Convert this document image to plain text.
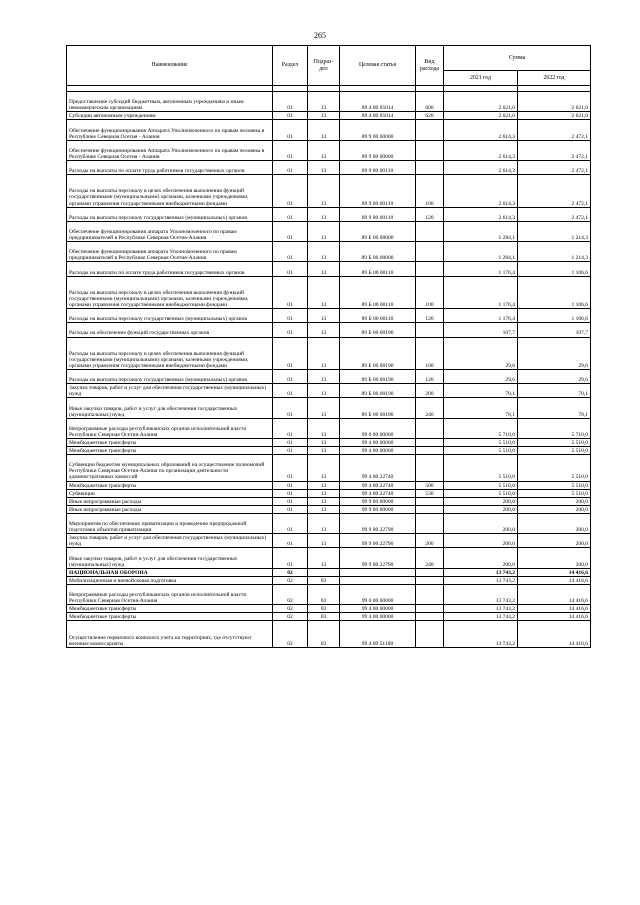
265
Наименование	Раздел	Подраз-дел	Целевая статья	Вид расхода	Сумма	
					2021 год	2022 год

Предоставление субсидий бюджетным, автономным учреждениям и иным некоммерческим организациям	01	13	89 4 00 05014	600	2 621,0	2 621,0
Субсидии автономным учреждениям	01	13	89 4 00 05014	620	2 621,0	2 621,0
Обеспечение функционирования Аппарата Уполномоченного по правам человека в Республике Северная Осетия - Алания	01	13	89 9 00 00000		2 614,3	2 472,1
Обеспечение функционирования Аппарата Уполномоченного по правам человека в Республике Северная Осетия - Алания	01	13	89 9 00 00000		2 614,3	2 472,1
Расходы на выплаты по оплате труда работников государственных органов	01	13	89 9 00 00110		2 614,3	2 472,1
Расходы на выплаты персоналу в целях обеспечения выполнения функций государственными (муниципальными) органами, казенными учреждениями, органами управления государственными внебюджетными фондами	01	13	89 9 00 00110	100	2 614,3	2 472,1
Расходы на выплаты персоналу государственных (муниципальных) органов	01	13	89 9 00 00110	120	2 614,3	2 472,1
Обеспечение функционирования аппарата Уполномоченного по правам предпринимателей в Республике Северная Осетия-Алания	01	13	89 Б 00 00000		1 284,1	1 214,3
Обеспечение функционирования аппарата Уполномоченного по правам предпринимателей в Республике Северная Осетия-Алания	01	13	89 Б 00 00000		1 284,1	1 214,3
Расходы на выплаты по оплате труда работников государственных органов	01	13	89 Б 00 00110		1 176,4	1 106,6
Расходы на выплаты персоналу в целях обеспечения выполнения функций государственными (муниципальными) органами, казенными учреждениями, органами управления государственными внебюджетными фондами	01	13	89 Б 00 00110	100	1 176,4	1 106,6
Расходы на выплаты персоналу государственных (муниципальных) органов	01	13	89 Б 00 00110	120	1 176,4	1 106,6
Расходы на обеспечение функций государственных органов	01	13	89 Б 00 00190		107,7	107,7
Расходы на выплаты персоналу в целях обеспечения выполнения функций государственными (муниципальными) органами, казенными учреждениями, органами управления государственными внебюджетными фондами	01	13	89 Б 00 00190	100	29,6	29,6
Расходы на выплаты персоналу государственных (муниципальных) органов	01	13	89 Б 00 00190	120	29,6	29,6
Закупка товаров, работ и услуг для обеспечения государственных (муниципальных) нужд	01	13	89 Б 00 00190	200	78,1	78,1
Иные закупки товаров, работ и услуг для обеспечения государственных (муниципальных) нужд	01	13	89 Б 00 00190	240	78,1	78,1
Непрограммные расходы республиканских органов исполнительной власти Республики Северная Осетия-Алания	01	13	99 0 00 00000		5 710,0	5 710,0
Межбюджетные трансферты	01	13	99 4 00 00000		5 510,0	5 510,0
Межбюджетные трансферты	01	13	99 4 00 00000		5 510,0	5 510,0
Субвенции бюджетам муниципальных образований на осуществление полномочий Республики Северная Осетия-Алания по организации деятельности административных комиссий	01	13	99 4 00 22740		5 510,0	5 510,0
Межбюджетные трансферты	01	13	99 4 00 22740	500	5 510,0	5 510,0
Субвенции	01	13	99 4 00 22740	530	5 510,0	5 510,0
Иные непрограммные расходы	01	13	99 9 00 00000		200,0	200,0
Иные непрограммные расходы	01	13	99 9 00 00000		200,0	200,0
Мероприятия по обеспечению приватизации и проведению предпродажной подготовки объектов приватизации	01	13	99 9 00 22790		200,0	200,0
Закупка товаров, работ и услуг для обеспечения государственных (муниципальных) нужд	01	13	99 9 00 22790	200	200,0	200,0
Иные закупки товаров, работ и услуг для обеспечения государственных (муниципальных) нужд	01	13	99 9 00 22790	240	200,0	200,0
НАЦИОНАЛЬНАЯ ОБОРОНА	02				13 743,2	14 416,6
Мобилизационная и вневойсковая подготовка	02	03			13 743,2	14 416,6
Непрограммные расходы республиканских органов исполнительной власти Республики Северная Осетия-Алания	02	03	99 0 00 00000		13 743,2	14 416,6
Межбюджетные трансферты	02	03	99 4 00 00000		13 743,2	14 416,6
Межбюджетные трансферты	02	03	99 4 00 00000		13 743,2	14 416,6
Осуществление первичного воинского учета на территориях, где отсутствуют военные комиссариаты	02	03	99 4 00 51180		13 743,2	14 416,6
